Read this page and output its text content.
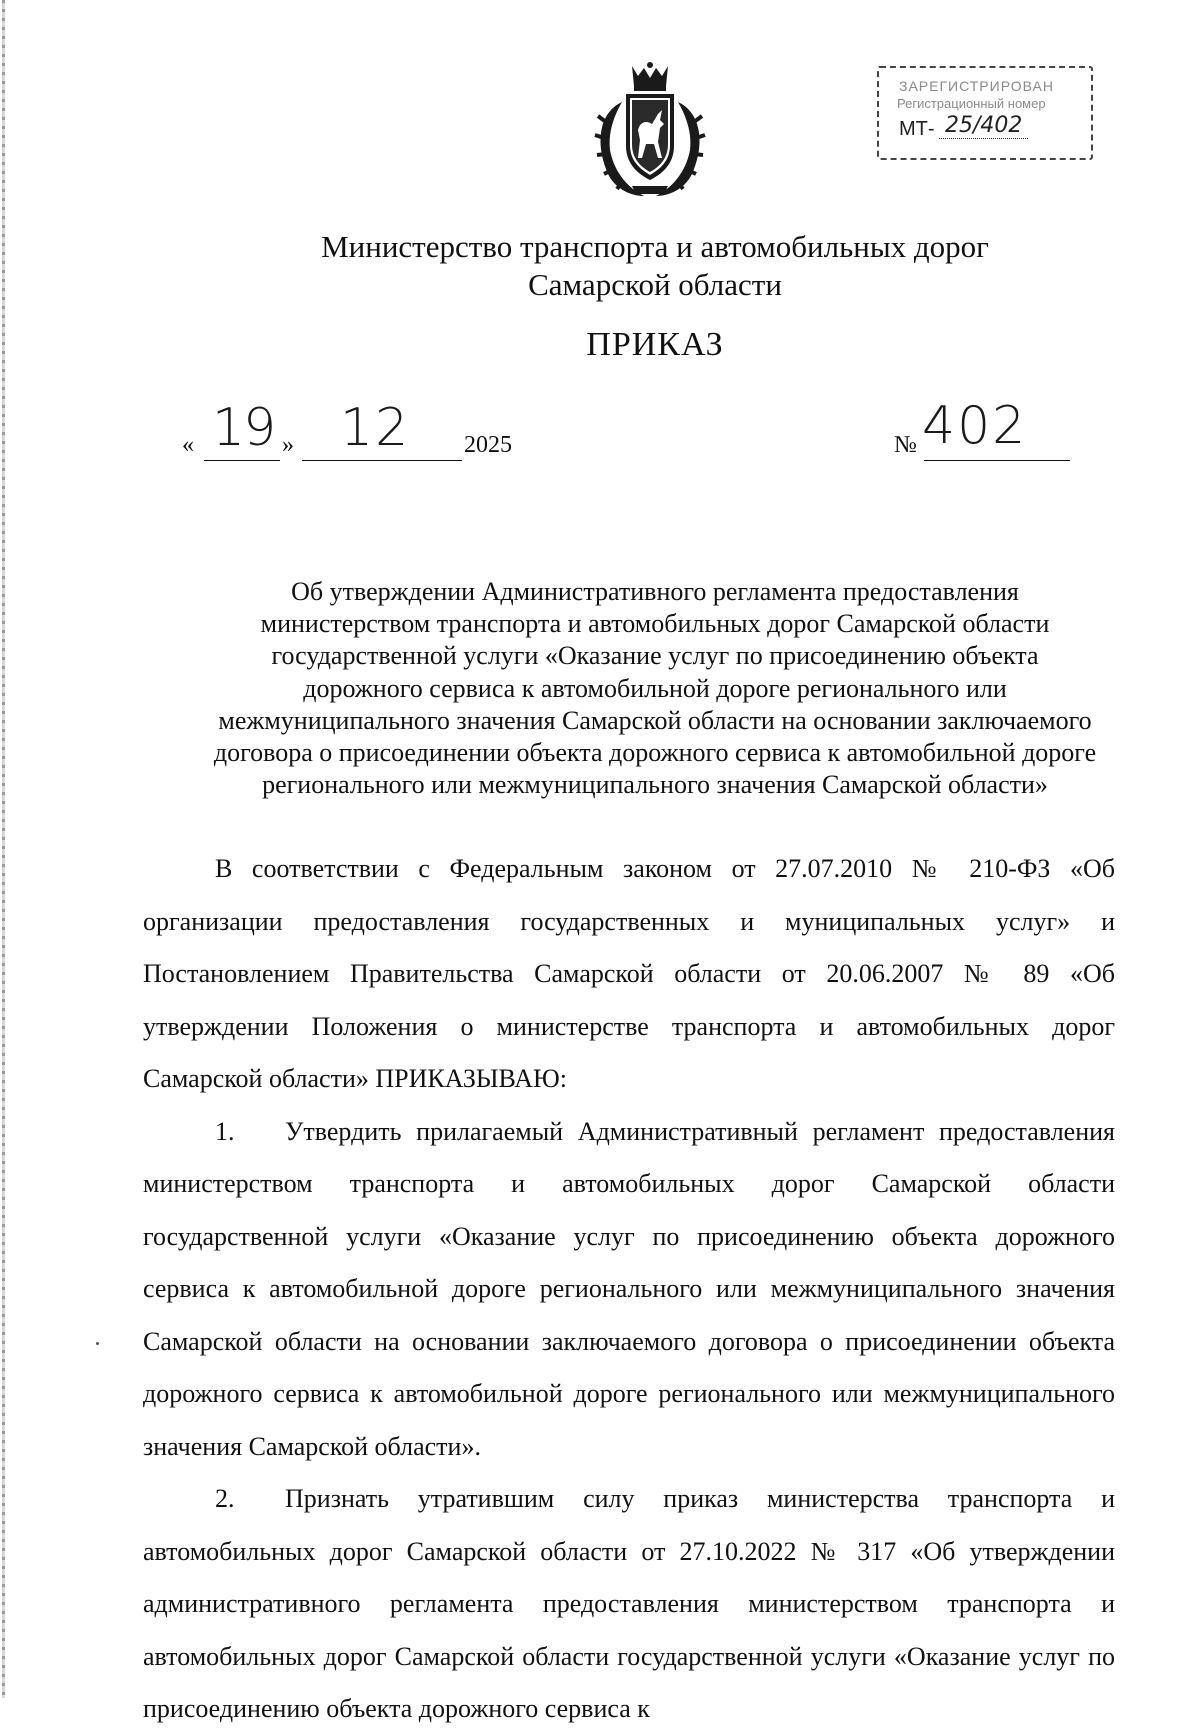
ЗАРЕГИСТРИРОВАН
Регистрационный номер
МТ- 25/402
Министерство транспорта и автомобильных дорог
Самарской области
ПРИКАЗ
« 19 » 12 2025	№ 402
Об утверждении Административного регламента предоставления
министерством транспорта и автомобильных дорог Самарской области
государственной услуги «Оказание услуг по присоединению объекта
дорожного сервиса к автомобильной дороге регионального или
межмуниципального значения Самарской области на основании заключаемого
договора о присоединении объекта дорожного сервиса к автомобильной дороге
регионального или межмуниципального значения Самарской области»

В соответствии с Федеральным законом от 27.07.2010 № 210-ФЗ «Об организации предоставления государственных и муниципальных услуг» и Постановлением Правительства Самарской области от 20.06.2007 № 89 «Об утверждении Положения о министерстве транспорта и автомобильных дорог Самарской области» ПРИКАЗЫВАЮ:

1. Утвердить прилагаемый Административный регламент предоставления министерством транспорта и автомобильных дорог Самарской области государственной услуги «Оказание услуг по присоединению объекта дорожного сервиса к автомобильной дороге регионального или межмуниципального значения Самарской области на основании заключаемого договора о присоединении объекта дорожного сервиса к автомобильной дороге регионального или межмуниципального значения Самарской области».

2. Признать утратившим силу приказ министерства транспорта и автомобильных дорог Самарской области от 27.10.2022 № 317 «Об утверждении административного регламента предоставления министерством транспорта и автомобильных дорог Самарской области государственной услуги «Оказание услуг по присоединению объекта дорожного сервиса к
